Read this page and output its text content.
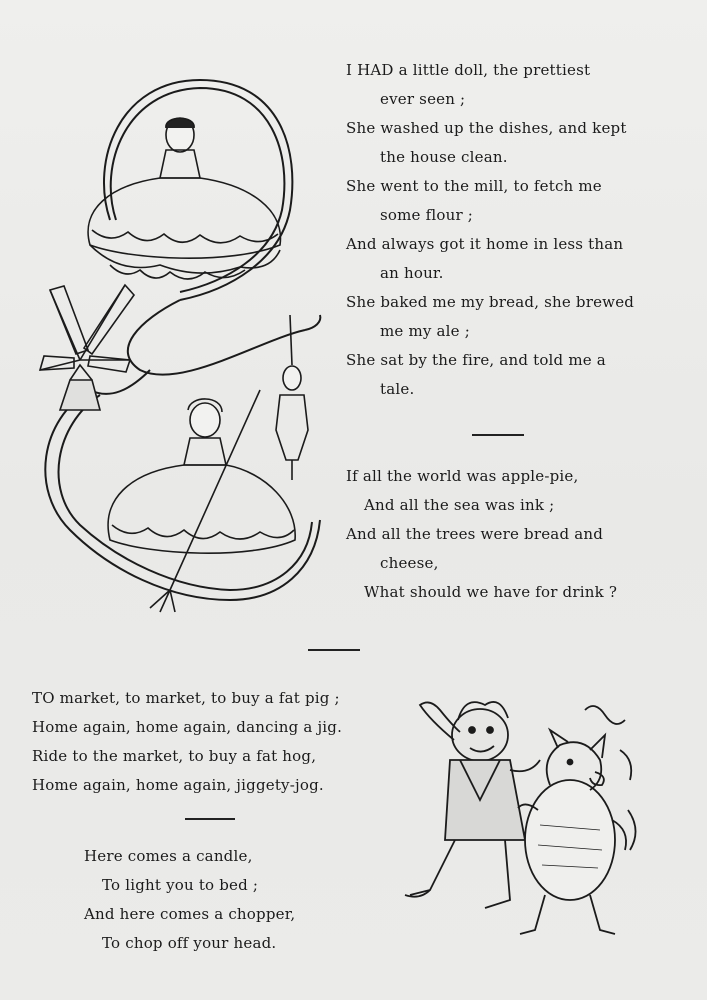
I HAD a little doll, the prettiest
ever seen ;
She washed up the dishes, and kept
the house clean.
She went to the mill, to fetch me
some flour ;
And always got it home in less than
an hour.
She baked me my bread, she brewed
me my ale ;
She sat by the fire, and told me a
tale.
If all the world was apple-pie,
And all the sea was ink ;
And all the trees were bread and
cheese,
What should we have for drink ?
TO market, to market, to buy a fat pig ;
Home again, home again, dancing a jig.
Ride to the market, to buy a fat hog,
Home again, home again, jiggety-jog.
Here comes a candle,
To light you to bed ;
And here comes a chopper,
To chop off your head.
